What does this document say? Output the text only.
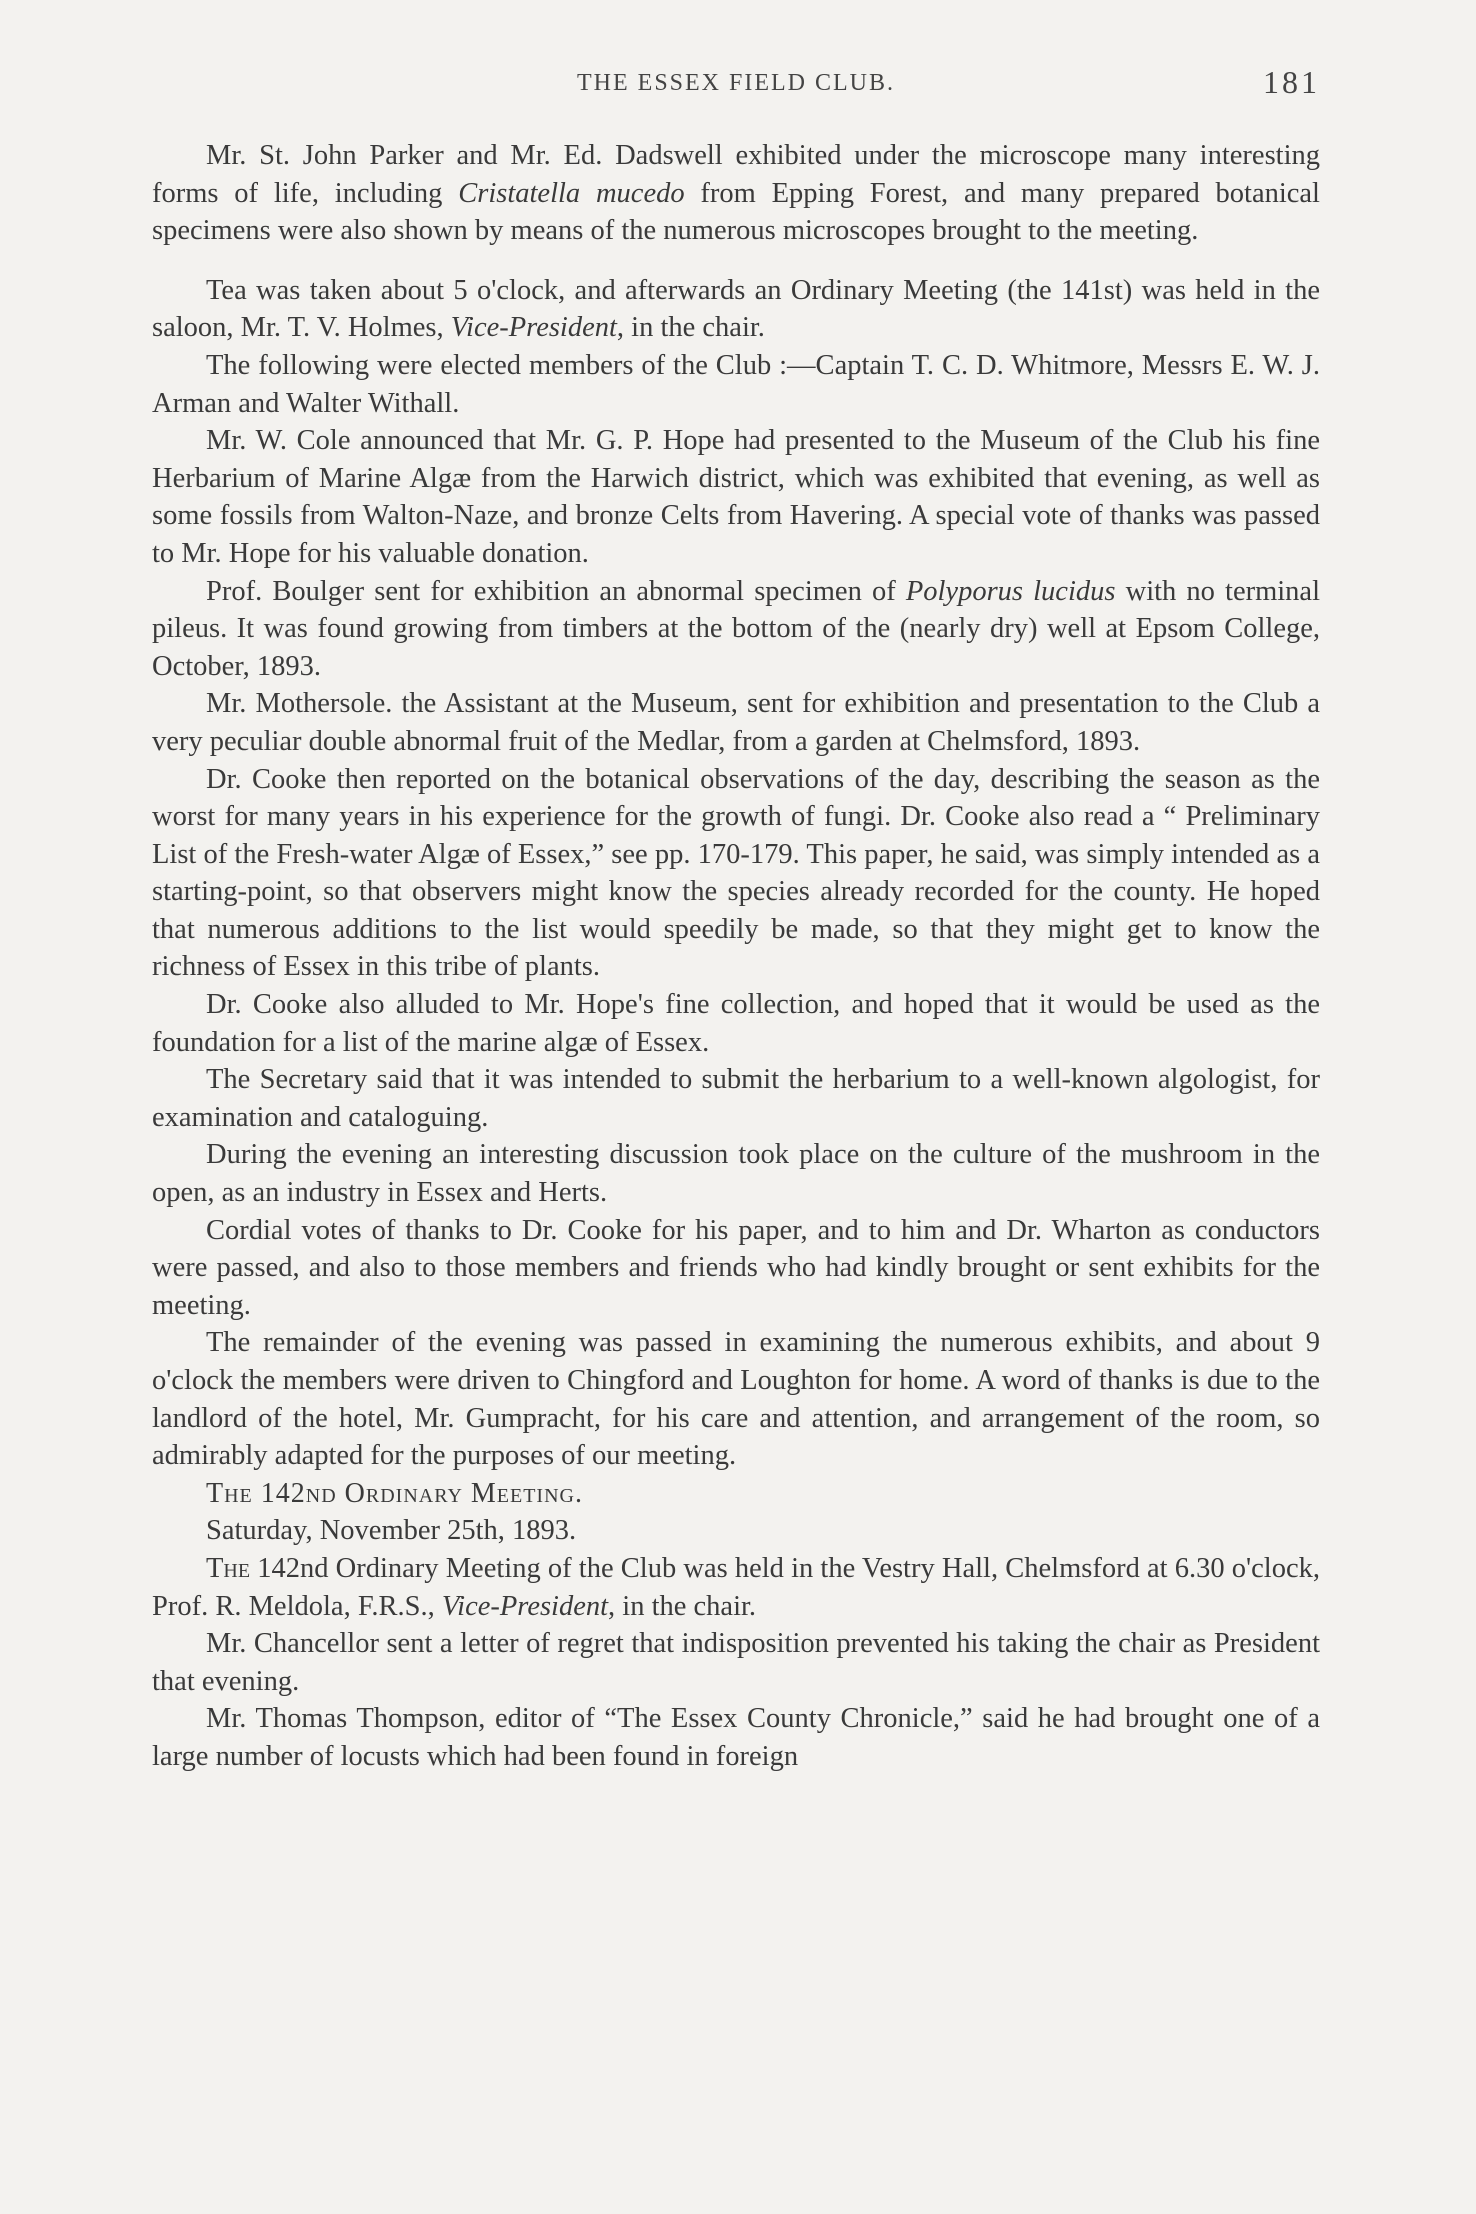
THE ESSEX FIELD CLUB.	181

Mr. St. John Parker and Mr. Ed. Dadswell exhibited under the microscope many interesting forms of life, including Cristatella mucedo from Epping Forest, and many prepared botanical specimens were also shown by means of the numerous microscopes brought to the meeting.

Tea was taken about 5 o'clock, and afterwards an Ordinary Meeting (the 141st) was held in the saloon, Mr. T. V. Holmes, Vice-President, in the chair.

The following were elected members of the Club :—Captain T. C. D. Whitmore, Messrs E. W. J. Arman and Walter Withall.

Mr. W. Cole announced that Mr. G. P. Hope had presented to the Museum of the Club his fine Herbarium of Marine Algæ from the Harwich district, which was exhibited that evening, as well as some fossils from Walton-Naze, and bronze Celts from Havering. A special vote of thanks was passed to Mr. Hope for his valuable donation.

Prof. Boulger sent for exhibition an abnormal specimen of Polyporus lucidus with no terminal pileus. It was found growing from timbers at the bottom of the (nearly dry) well at Epsom College, October, 1893.

Mr. Mothersole. the Assistant at the Museum, sent for exhibition and presentation to the Club a very peculiar double abnormal fruit of the Medlar, from a garden at Chelmsford, 1893.

Dr. Cooke then reported on the botanical observations of the day, describing the season as the worst for many years in his experience for the growth of fungi. Dr. Cooke also read a “ Preliminary List of the Fresh-water Algæ of Essex,” see pp. 170-179. This paper, he said, was simply intended as a starting-point, so that observers might know the species already recorded for the county. He hoped that numerous additions to the list would speedily be made, so that they might get to know the richness of Essex in this tribe of plants.

Dr. Cooke also alluded to Mr. Hope's fine collection, and hoped that it would be used as the foundation for a list of the marine algæ of Essex.

The Secretary said that it was intended to submit the herbarium to a well-known algologist, for examination and cataloguing.

During the evening an interesting discussion took place on the culture of the mushroom in the open, as an industry in Essex and Herts.

Cordial votes of thanks to Dr. Cooke for his paper, and to him and Dr. Wharton as conductors were passed, and also to those members and friends who had kindly brought or sent exhibits for the meeting.

The remainder of the evening was passed in examining the numerous exhibits, and about 9 o'clock the members were driven to Chingford and Loughton for home. A word of thanks is due to the landlord of the hotel, Mr. Gumpracht, for his care and attention, and arrangement of the room, so admirably adapted for the purposes of our meeting.

The 142nd Ordinary Meeting.

Saturday, November 25th, 1893.

The 142nd Ordinary Meeting of the Club was held in the Vestry Hall, Chelmsford at 6.30 o'clock, Prof. R. Meldola, F.R.S., Vice-President, in the chair.

Mr. Chancellor sent a letter of regret that indisposition prevented his taking the chair as President that evening.

Mr. Thomas Thompson, editor of “The Essex County Chronicle,” said he had brought one of a large number of locusts which had been found in foreign
